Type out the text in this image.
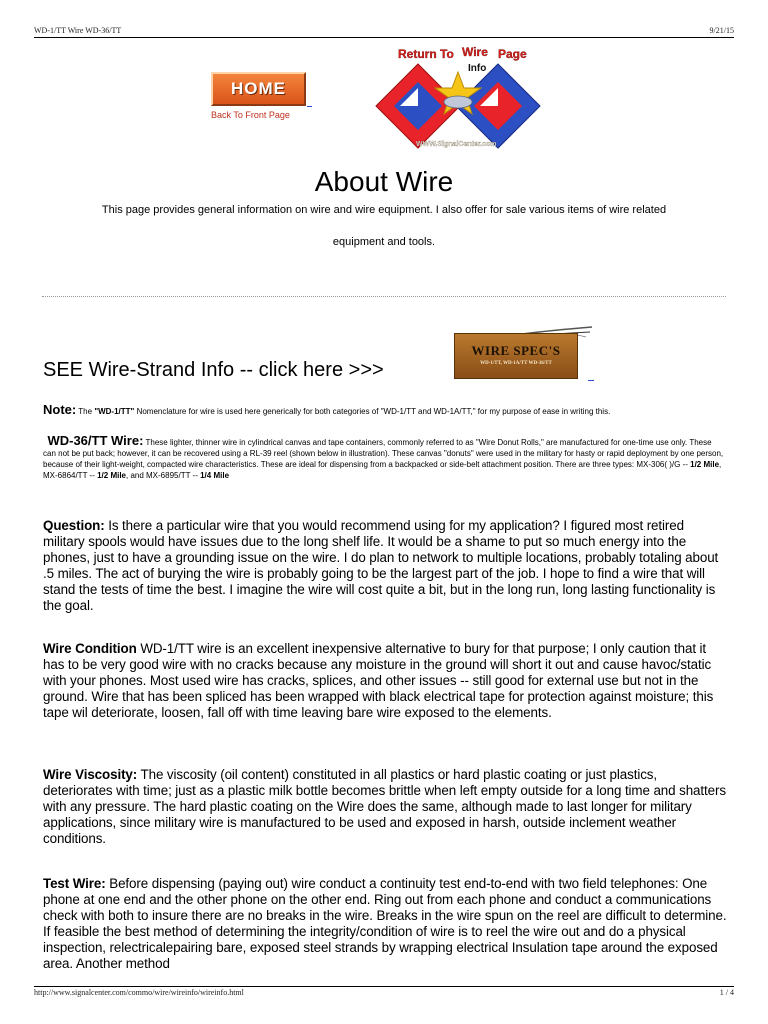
WD-1/TT Wire WD-36/TT	9/21/15
HOME
Back To Front Page
Return To Wire Page
Info
WWW.SignalCenter.com
About Wire
This page provides general information on wire and wire equipment. I also offer for sale various items of wire related
equipment and tools.
SEE Wire-Strand Info -- click here >>>
WIRE SPEC'S
WD-1/TT, WD-1A/TT WD-36/TT
Note: The "WD-1/TT" Nomenclature for wire is used here generically for both categories of "WD-1/TT and WD-1A/TT," for my purpose of ease in writing this.
WD-36/TT Wire: These lighter, thinner wire in cylindrical canvas and tape containers, commonly referred to as "Wire Donut Rolls," are manufactured for one-time use only. These can not be put back; however, it can be recovered using a RL-39 reel (shown below in illustration). These canvas "donuts" were used in the military for hasty or rapid deployment by one person, because of their light-weight, compacted wire characteristics. These are ideal for dispensing from a backpacked or side-belt attachment position. There are three types: MX-306( )/G -- 1/2 Mile, MX-6864/TT -- 1/2 Mile, and MX-6895/TT -- 1/4 Mile
Question: Is there a particular wire that you would recommend using for my application? I figured most retired military spools would have issues due to the long shelf life. It would be a shame to put so much energy into the phones, just to have a grounding issue on the wire. I do plan to network to multiple locations, probably totaling about .5 miles. The act of burying the wire is probably going to be the largest part of the job. I hope to find a wire that will stand the tests of time the best. I imagine the wire will cost quite a bit, but in the long run, long lasting functionality is the goal.
Wire Condition WD-1/TT wire is an excellent inexpensive alternative to bury for that purpose; I only caution that it has to be very good wire with no cracks because any moisture in the ground will short it out and cause havoc/static with your phones. Most used wire has cracks, splices, and other issues -- still good for external use but not in the ground. Wire that has been spliced has been wrapped with black electrical tape for protection against moisture; this tape wil deteriorate, loosen, fall off with time leaving bare wire exposed to the elements.
Wire Viscosity: The viscosity (oil content) constituted in all plastics or hard plastic coating or just plastics, deteriorates with time; just as a plastic milk bottle becomes brittle when left empty outside for a long time and shatters with any pressure. The hard plastic coating on the Wire does the same, although made to last longer for military applications, since military wire is manufactured to be used and exposed in harsh, outside inclement weather conditions.
Test Wire: Before dispensing (paying out) wire conduct a continuity test end-to-end with two field telephones: One phone at one end and the other phone on the other end. Ring out from each phone and conduct a communications check with both to insure there are no breaks in the wire. Breaks in the wire spun on the reel are difficult to determine. If feasible the best method of determining the integrity/condition of wire is to reel the wire out and do a physical inspection, relectricalepairing bare, exposed steel strands by wrapping electrical Insulation tape around the exposed area. Another method
http://www.signalcenter.com/commo/wire/wireinfo/wireinfo.html	1 / 4
